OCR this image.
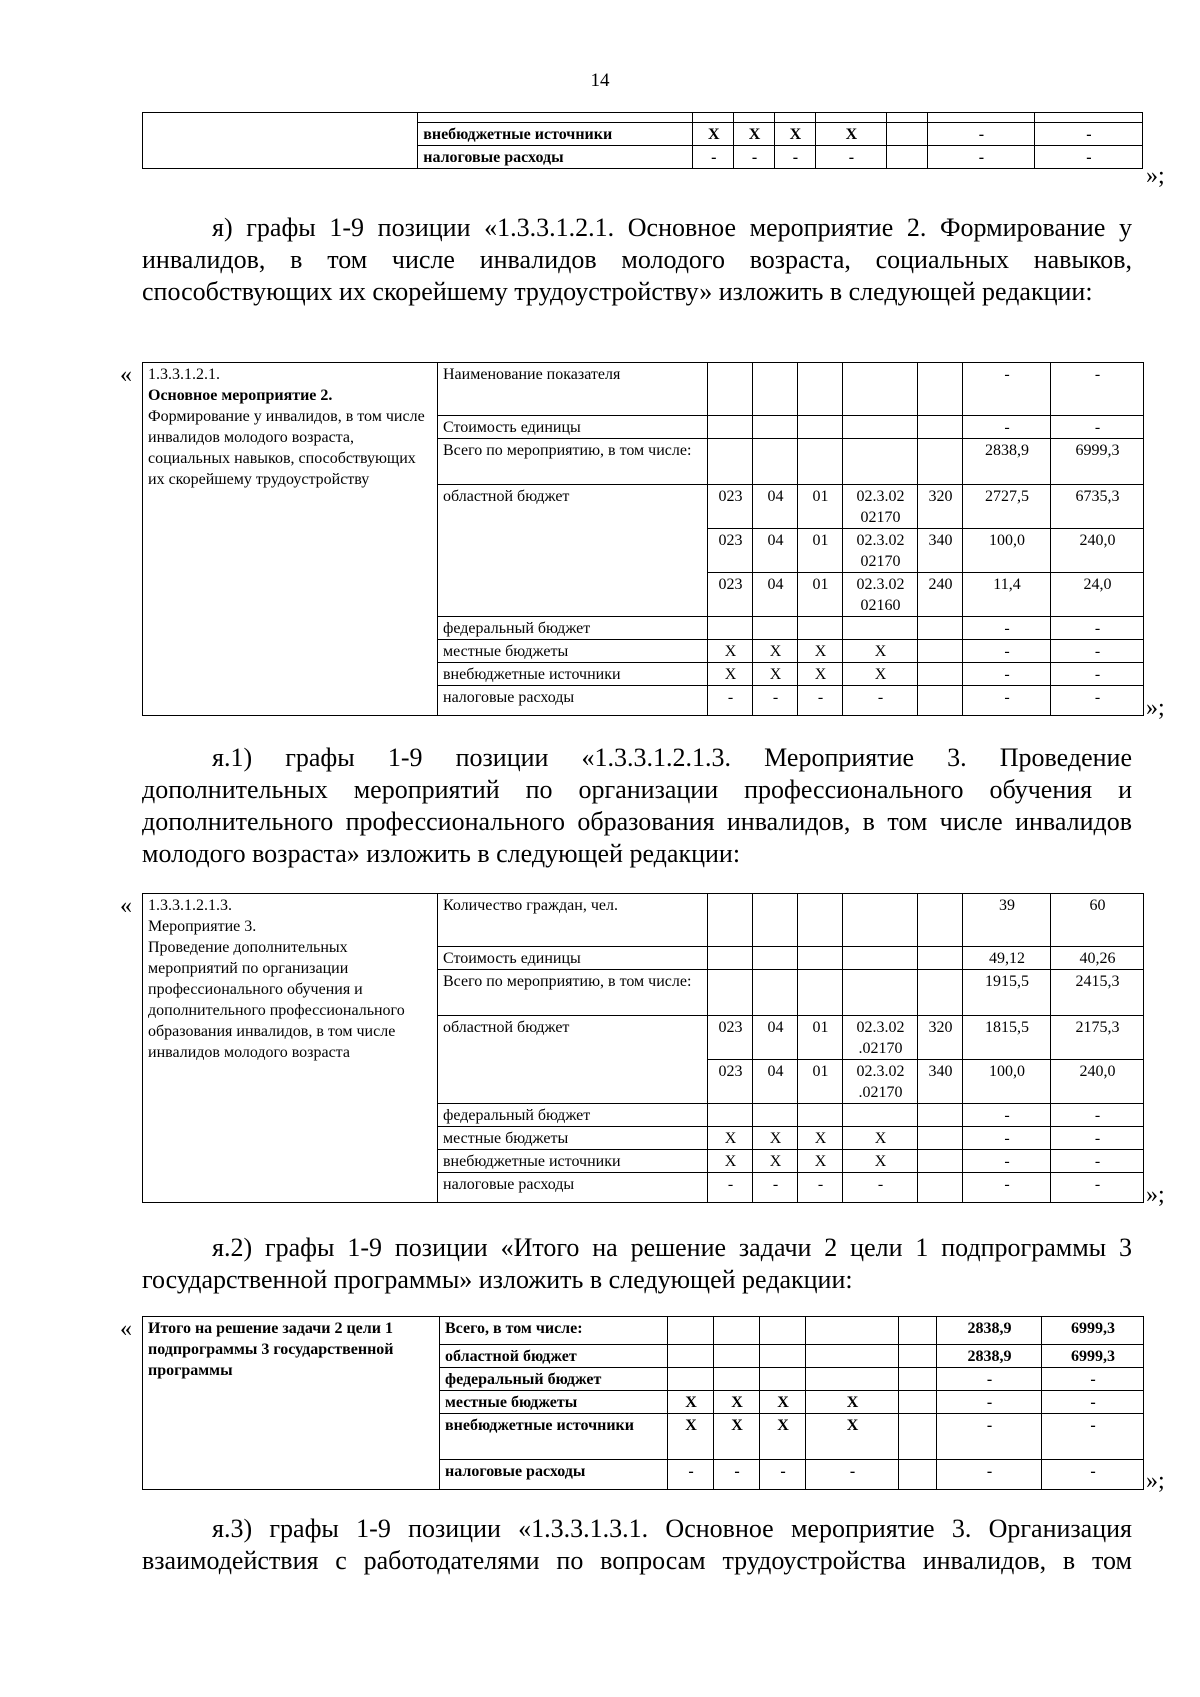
14

	внебюджетные источники	X	X	X	X		-	-
	налоговые расходы	-	-	-	-		-	-
»;
я) графы 1-9 позиции «1.3.3.1.2.1. Основное мероприятие 2. Формирование у инвалидов, в том числе инвалидов молодого возраста, социальных навыков, способствующих их скорейшему трудоустройству» изложить в следующей редакции:
« 1.3.3.1.2.1.
Основное мероприятие 2.
Формирование у инвалидов, в том числе инвалидов молодого возраста, социальных навыков, способствующих их скорейшему трудоустройству	Наименование показателя						-	-
	Стоимость единицы						-	-
	Всего по мероприятию, в том числе:						2838,9	6999,3
	областной бюджет	023	04	01	02.3.02 02170	320	2727,5	6735,3
		023	04	01	02.3.02 02170	340	100,0	240,0
		023	04	01	02.3.02 02160	240	11,4	24,0
	федеральный бюджет						-	-
	местные бюджеты	X	X	X	X		-	-
	внебюджетные источники	X	X	X	X		-	-
	налоговые расходы	-	-	-	-		-	- »;
я.1) графы 1-9 позиции «1.3.3.1.2.1.3. Мероприятие 3. Проведение дополнительных мероприятий по организации профессионального обучения и дополнительного профессионального образования инвалидов, в том числе инвалидов молодого возраста» изложить в следующей редакции:
« 1.3.3.1.2.1.3.
Мероприятие 3.
Проведение дополнительных мероприятий по организации профессионального обучения и дополнительного профессионального образования инвалидов, в том числе инвалидов молодого возраста	Количество граждан, чел.						39	60
	Стоимость единицы						49,12	40,26
	Всего по мероприятию, в том числе:						1915,5	2415,3
	областной бюджет	023	04	01	02.3.02 .02170	320	1815,5	2175,3
		023	04	01	02.3.02 .02170	340	100,0	240,0
	федеральный бюджет						-	-
	местные бюджеты	X	X	X	X		-	-
	внебюджетные источники	X	X	X	X		-	-
	налоговые расходы	-	-	-	-		-	- »;
я.2) графы 1-9 позиции «Итого на решение задачи 2 цели 1 подпрограммы 3 государственной программы» изложить в следующей редакции:
« Итого на решение задачи 2 цели 1 подпрограммы 3 государственной программы	Всего, в том числе:						2838,9	6999,3
	областной бюджет						2838,9	6999,3
	федеральный бюджет						-	-
	местные бюджеты	X	X	X	X		-	-
	внебюджетные источники	X	X	X	X		-	-
	налоговые расходы	-	-	-	-		-	- »;
я.3) графы 1-9 позиции «1.3.3.1.3.1. Основное мероприятие 3. Организация взаимодействия с работодателями по вопросам трудоустройства инвалидов, в том
